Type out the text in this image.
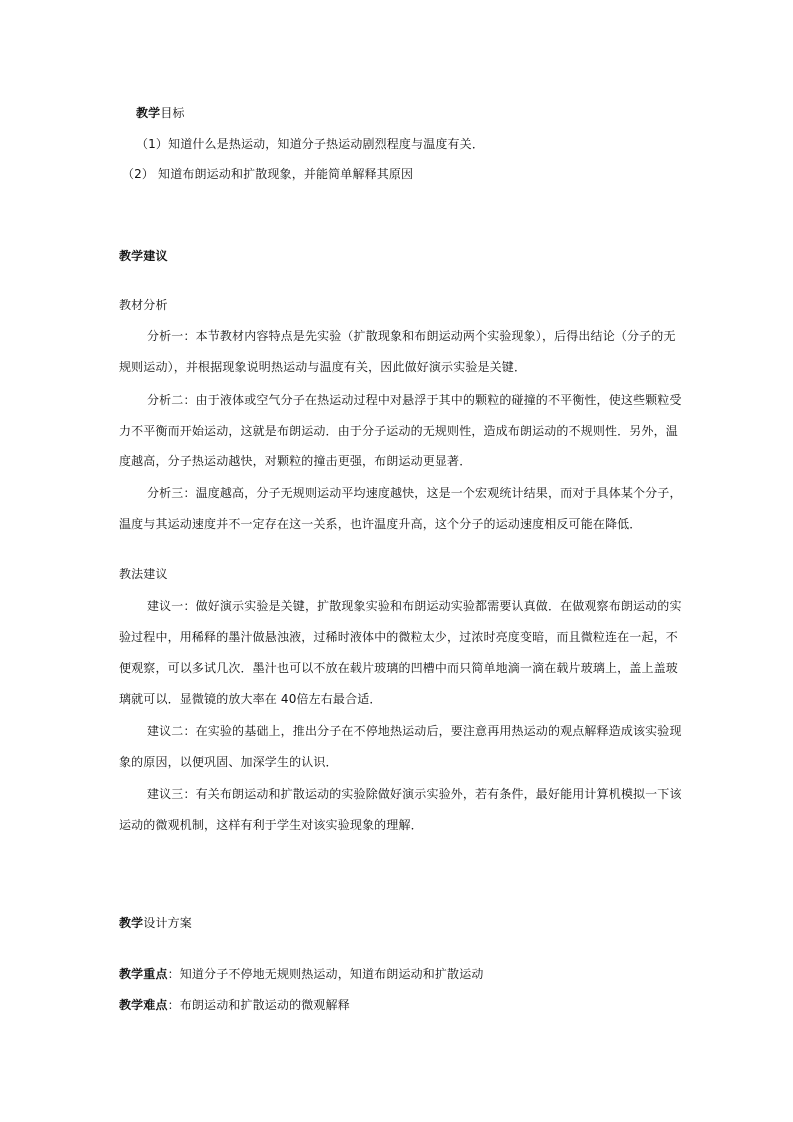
教学目标
（1）知道什么是热运动，知道分子热运动剧烈程度与温度有关．
（2） 知道布朗运动和扩散现象，并能简单解释其原因
教学建议
教材分析
分析一：本节教材内容特点是先实验（扩散现象和布朗运动两个实验现象），后得出结论（分子的无
规则运动），并根据现象说明热运动与温度有关，因此做好演示实验是关键．
分析二：由于液体或空气分子在热运动过程中对悬浮于其中的颗粒的碰撞的不平衡性，使这些颗粒受
力不平衡而开始运动，这就是布朗运动．由于分子运动的无规则性，造成布朗运动的不规则性．另外，温
度越高，分子热运动越快，对颗粒的撞击更强，布朗运动更显著．
分析三：温度越高，分子无规则运动平均速度越快，这是一个宏观统计结果，而对于具体某个分子，
温度与其运动速度并不一定存在这一关系，也许温度升高，这个分子的运动速度相反可能在降低．
教法建议
建议一：做好演示实验是关键，扩散现象实验和布朗运动实验都需要认真做．在做观察布朗运动的实
验过程中，用稀释的墨汁做悬浊液，过稀时液体中的微粒太少，过浓时亮度变暗，而且微粒连在一起，不
便观察，可以多试几次．墨汁也可以不放在载片玻璃的凹槽中而只简单地滴一滴在载片玻璃上，盖上盖玻
璃就可以．显微镜的放大率在 40倍左右最合适．
建议二：在实验的基础上，推出分子在不停地热运动后，要注意再用热运动的观点解释造成该实验现
象的原因，以便巩固、加深学生的认识．
建议三：有关布朗运动和扩散运动的实验除做好演示实验外，若有条件，最好能用计算机模拟一下该
运动的微观机制，这样有利于学生对该实验现象的理解．
教学设计方案
教学重点：知道分子不停地无规则热运动，知道布朗运动和扩散运动
教学难点：布朗运动和扩散运动的微观解释
